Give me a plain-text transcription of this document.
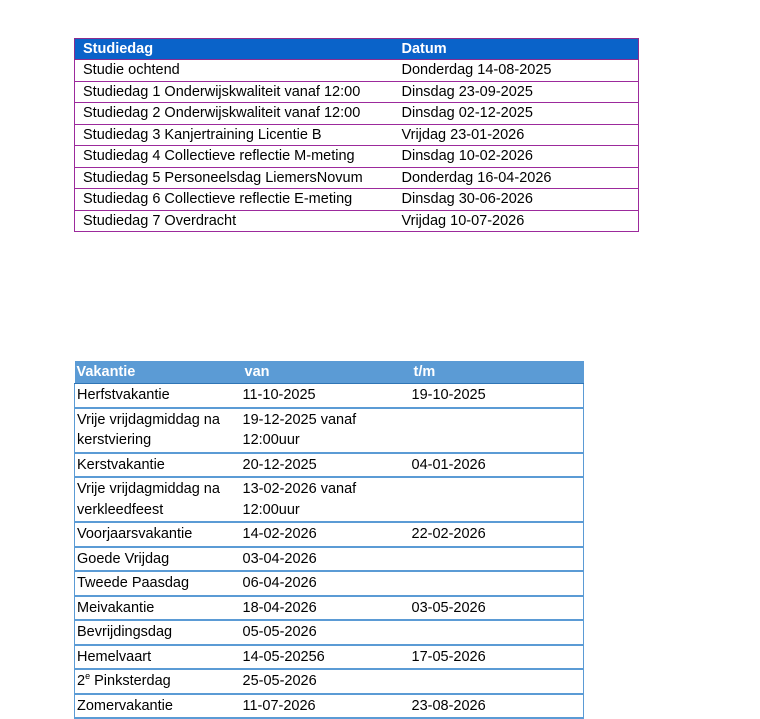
Studiedag	Datum
Studie ochtend	Donderdag 14-08-2025
Studiedag 1 Onderwijskwaliteit vanaf 12:00	Dinsdag 23-09-2025
Studiedag 2 Onderwijskwaliteit vanaf 12:00	Dinsdag 02-12-2025
Studiedag 3 Kanjertraining Licentie B	Vrijdag 23-01-2026
Studiedag 4 Collectieve reflectie M-meting	Dinsdag 10-02-2026
Studiedag 5 Personeelsdag LiemersNovum	Donderdag 16-04-2026
Studiedag 6 Collectieve reflectie E-meting	Dinsdag 30-06-2026
Studiedag 7 Overdracht	Vrijdag 10-07-2026
Vakantie	van	t/m
Herfstvakantie	11-10-2025	19-10-2025
Vrije vrijdagmiddag na kerstviering	19-12-2025 vanaf 12:00uur	
Kerstvakantie	20-12-2025	04-01-2026
Vrije vrijdagmiddag na verkleedfeest	13-02-2026 vanaf 12:00uur	
Voorjaarsvakantie	14-02-2026	22-02-2026
Goede Vrijdag	03-04-2026	
Tweede Paasdag	06-04-2026	
Meivakantie	18-04-2026	03-05-2026
Bevrijdingsdag	05-05-2026	
Hemelvaart	14-05-20256	17-05-2026
2e Pinksterdag	25-05-2026	
Zomervakantie	11-07-2026	23-08-2026
